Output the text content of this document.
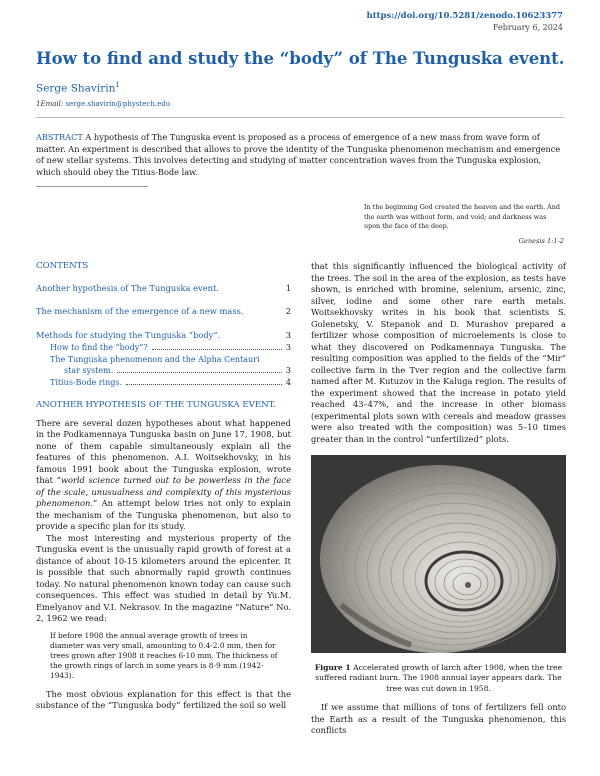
https://doi.org/10.5281/zenodo.10623377
February 6, 2024
How to find and study the “body” of The Tunguska event.
Serge Shavirin$^1$
1Email: serge.shavirin@phystech.edu

ABSTRACT A hypothesis of The Tunguska event is proposed as a process of emergence of a new mass from wave form of matter. An experiment is described that allows to prove the identity of the Tunguska phenomenon mechanism and emergence of new stellar systems. This involves detecting and studying of matter concentration waves from the Tunguska explosion, which should obey the Titius-Bode law.

In the beginning God created the heaven and the earth. And the earth was without form, and void; and darkness was upon the face of the deep.

Genesis 1:1-2

CONTENTS

Another hypothesis of The Tunguska event.	1
The mechanism of the emergence of a new mass.	2
Methods for studying the Tunguska “body”.	3
How to find the “body”?	3
The Tunguska phenomenon and the Alpha Centauri
star system.	3
Titius-Bode rings.	4

ANOTHER HYPOTHESIS OF THE TUNGUSKA EVENT.

There are several dozen hypotheses about what happened in the Podkamennaya Tunguska basin on June 17, 1908, but none of them capable simultaneously explain all the features of this phenomenon. A.I. Woitsekhovsky, in his famous 1991 book about the Tunguska explosion, wrote that “world science turned out to be powerless in the face of the scale, unusualness and complexity of this mysterious phenomenon.” An attempt below tries not only to explain the mechanism of the Tunguska phenomenon, but also to provide a specific plan for its study.

The most interesting and mysterious property of the Tunguska event is the unusually rapid growth of forest at a distance of about 10-15 kilometers around the epicenter. It is possible that such abnormally rapid growth continues today. No natural phenomenon known today can cause such consequences. This effect was studied in detail by Yu.M. Emelyanov and V.I. Nekrasov. In the magazine “Nature” No. 2, 1962 we read:

If before 1908 the annual average growth of trees in diameter was very small, amounting to 0.4-2.0 mm, then for trees grown after 1908 it reaches 6-10 mm. The thickness of the growth rings of larch in some years is 8-9 mm (1942-1943).

The most obvious explanation for this effect is that the substance of the “Tunguska body” fertilized the soil so well

that this significantly influenced the biological activity of the trees. The soil in the area of the explosion, as tests have shown, is enriched with bromine, selenium, arsenic, zinc, silver, iodine and some other rare earth metals. Woitsekhovsky writes in his book that scientists S. Golenetsky, V. Stepanok and D. Murashov prepared a fertilizer whose composition of microelements is close to what they discovered on Podkamennaya Tunguska. The resulting composition was applied to the fields of the “Mir” collective farm in the Tver region and the collective farm named after M. Kutuzov in the Kaluga region. The results of the experiment showed that the increase in potato yield reached 43–47%, and the increase in other biomass (experimental plots sown with cereals and meadow grasses were also treated with the composition) was 5–10 times greater than in the control “unfertilized” plots.

Figure 1 Accelerated growth of larch after 1908, when the tree suffered radiant burn. The 1908 annual layer appears dark. The tree was cut down in 1958.

If we assume that millions of tons of fertilizers fell onto the Earth as a result of the Tunguska phenomenon, this conflicts
